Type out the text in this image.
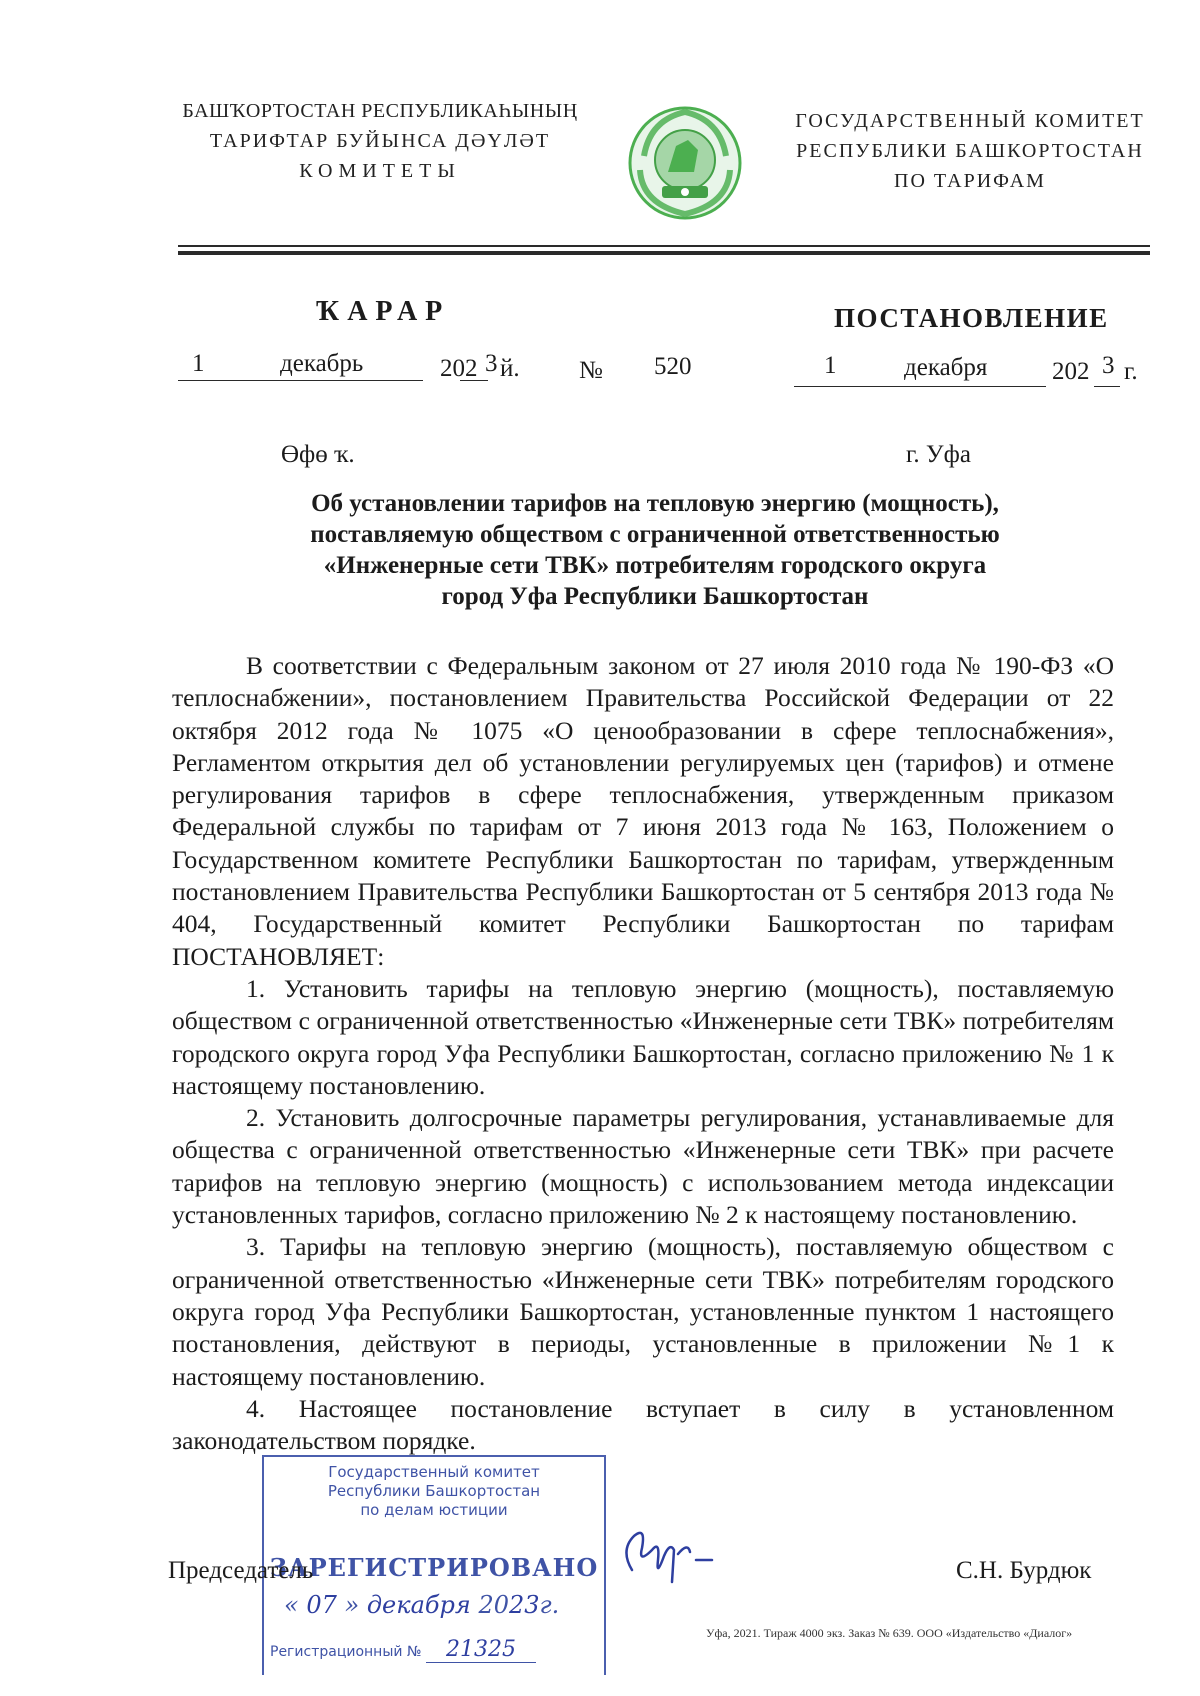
БАШҠОРТОСТАН РЕСПУБЛИКАҺЫНЫҢ
ТАРИФТАР БУЙЫНСА ДӘҮЛӘТ
КОМИТЕТЫ
ГОСУДАРСТВЕННЫЙ КОМИТЕТ
РЕСПУБЛИКИ БАШКОРТОСТАН
ПО ТАРИФАМ
ҠАРАР	ПОСТАНОВЛЕНИЕ
1	декабрь	202 3 й. № 520	1	декабря	202 3 г.
Өфө ҡ.	г. Уфа
Об установлении тарифов на тепловую энергию (мощность),
поставляемую обществом с ограниченной ответственностью
«Инженерные сети ТВК» потребителям городского округа
город Уфа Республики Башкортостан

В соответствии с Федеральным законом от 27 июля 2010 года № 190-ФЗ «О теплоснабжении», постановлением Правительства Российской Федерации от 22 октября 2012 года № 1075 «О ценообразовании в сфере теплоснабжения», Регламентом открытия дел об установлении регулируемых цен (тарифов) и отмене регулирования тарифов в сфере теплоснабжения, утвержденным приказом Федеральной службы по тарифам от 7 июня 2013 года № 163, Положением о Государственном комитете Республики Башкортостан по тарифам, утвержденным постановлением Правительства Республики Башкортостан от 5 сентября 2013 года № 404, Государственный комитет Республики Башкортостан по тарифам ПОСТАНОВЛЯЕТ:

1. Установить тарифы на тепловую энергию (мощность), поставляемую обществом с ограниченной ответственностью «Инженерные сети ТВК» потребителям городского округа город Уфа Республики Башкортостан, согласно приложению № 1 к настоящему постановлению.

2. Установить долгосрочные параметры регулирования, устанавливаемые для общества с ограниченной ответственностью «Инженерные сети ТВК» при расчете тарифов на тепловую энергию (мощность) с использованием метода индексации установленных тарифов, согласно приложению № 2 к настоящему постановлению.

3. Тарифы на тепловую энергию (мощность), поставляемую обществом с ограниченной ответственностью «Инженерные сети ТВК» потребителям городского округа город Уфа Республики Башкортостан, установленные пунктом 1 настоящего постановления, действуют в периоды, установленные в приложении №1 к настоящему постановлению.

4. Настоящее постановление вступает в силу в установленном законодательством порядке.

Государственный комитет
Республики Башкортостан
по делам юстиции
ЗАРЕГИСТРИРОВАНО
« 07 » декабря 2023г.
Регистрационный № 21325
Председатель	С.Н. Бурдюк
Уфа, 2021. Тираж 4000 экз. Заказ № 639. ООО «Издательство «Диалог»
